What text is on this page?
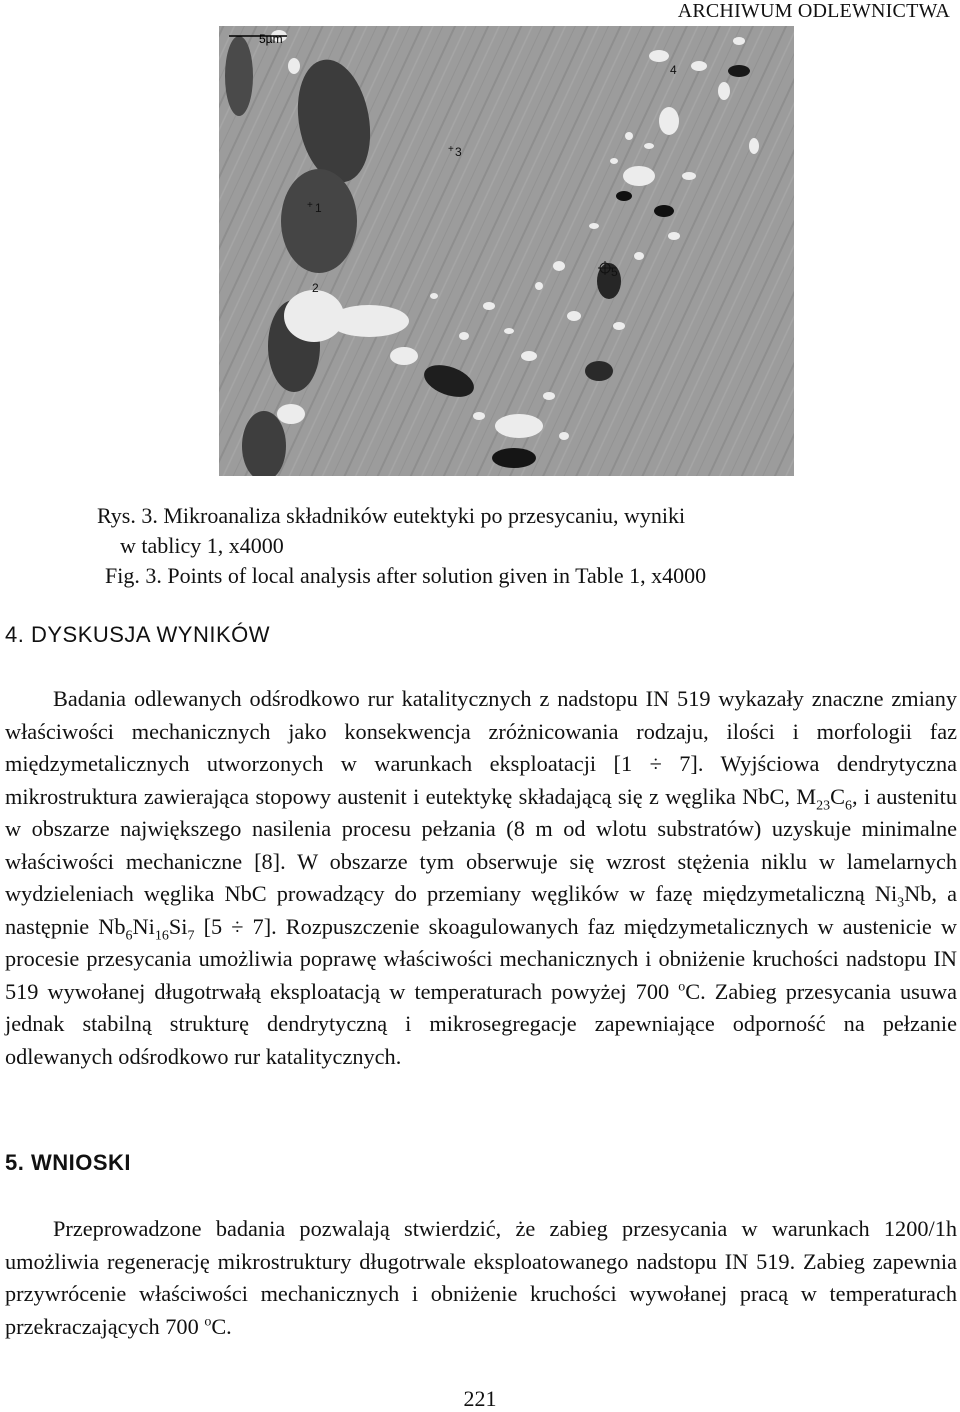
ARCHIWUM ODLEWNICTWA
5µm
1
2
3
4
5
+
+
Rys. 3. Mikroanaliza składników eutektyki po przesycaniu, wyniki
w tablicy 1, x4000
Fig. 3. Points of local analysis after solution given in Table 1, x4000
4. DYSKUSJA WYNIKÓW

Badania odlewanych odśrodkowo rur katalitycznych z nadstopu IN 519 wykazały znaczne zmiany właściwości mechanicznych jako konsekwencja zróżnicowania rodzaju, ilości i morfologii faz międzymetalicznych utworzonych w warunkach eksploatacji [1 ÷ 7]. Wyjściowa dendrytyczna mikrostruktura zawierająca stopowy austenit i eutektykę składającą się z węglika NbC, $M_{23}C_6$, i austenitu w obszarze największego nasilenia procesu pełzania (8 m od wlotu substratów) uzyskuje minimalne właściwości mechaniczne [8]. W obszarze tym obserwuje się wzrost stężenia niklu w lamelarnych wydzieleniach węglika NbC prowadzący do przemiany węglików w fazę międzymetaliczną $Ni_3Nb$, a następnie $Nb_6Ni_{16}Si_7$ [5 ÷ 7]. Rozpuszczenie skoagulowanych faz międzymetalicznych w austenicie w procesie przesycania umożliwia poprawę właściwości mechanicznych i obniżenie kruchości nadstopu IN 519 wywołanej długotrwałą eksploatacją w temperaturach powyżej 700 $^o$C. Zabieg przesycania usuwa jednak stabilną strukturę dendrytyczną i mikrosegregacje zapewniające odporność na pełzanie odlewanych odśrodkowo rur katalitycznych.

5. WNIOSKI

Przeprowadzone badania pozwalają stwierdzić, że zabieg przesycania w warunkach 1200/1h umożliwia regenerację mikrostruktury długotrwale eksploatowanego nadstopu IN 519. Zabieg zapewnia przywrócenie właściwości mechanicznych i obniżenie kruchości wywołanej pracą w temperaturach przekraczających 700 $^o$C.

221
